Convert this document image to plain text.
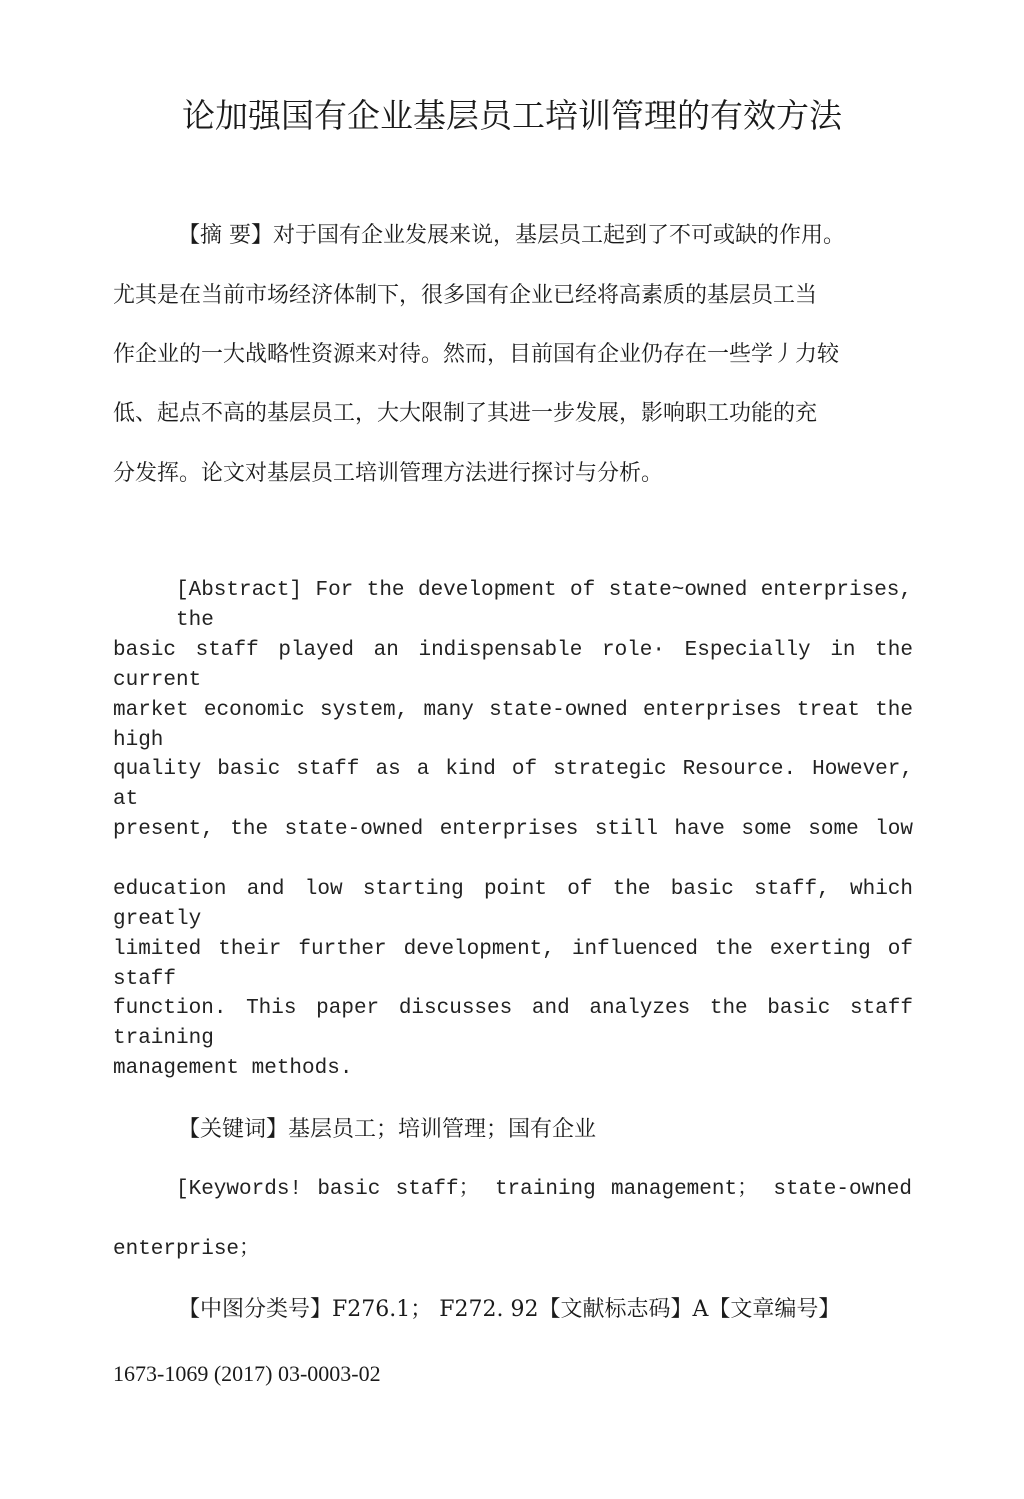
论加强国有企业基层员工培训管理的有效方法

【摘 要】对于国有企业发展来说，基层员工起到了不可或缺的作用。

尤其是在当前市场经济体制下，很多国有企业已经将高素质的基层员工当

作企业的一大战略性资源来对待。然而，目前国有企业仍存在一些学丿力较

低、起点不高的基层员工，大大限制了其进一步发展，影响职工功能的充

分发挥。论文对基层员工培训管理方法进行探讨与分析。

[Abstract] For the development of state~owned enterprises, the

basic staff played an indispensable role· Especially in the current

market economic system, many state-owned enterprises treat the high

quality basic staff as a kind of strategic Resource. However, at

present, the state-owned enterprises still have some some low

education and low starting point of the basic staff, which greatly

limited their further development, influenced the exerting of staff

function. This paper discusses and analyzes the basic staff training

management methods.

【关键词】基层员工；培训管理；国有企业

[Keywords! basic staff； training management； state-owned

enterprise；

【中图分类号】F276.1； F272. 92【文献标志码】A【文章编号】

1673-1069 (2017) 03-0003-02
